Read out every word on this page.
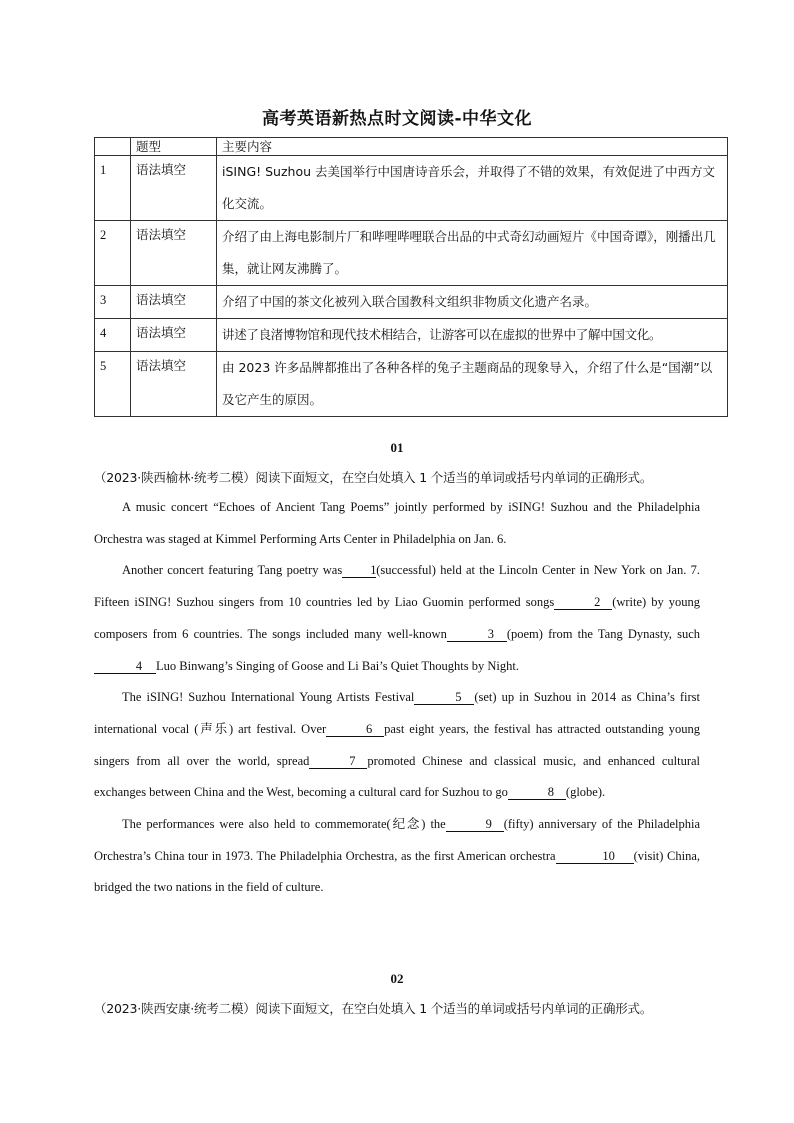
高考英语新热点时文阅读-中华文化
	题型	主要内容
1	语法填空	iSING! Suzhou 去美国举行中国唐诗音乐会，并取得了不错的效果，有效促进了中西方文化交流。
2	语法填空	介绍了由上海电影制片厂和哔哩哔哩联合出品的中式奇幻动画短片《中国奇谭》，刚播出几集，就让网友沸腾了。
3	语法填空	介绍了中国的茶文化被列入联合国教科文组织非物质文化遗产名录。
4	语法填空	讲述了良渚博物馆和现代技术相结合，让游客可以在虚拟的世界中了解中国文化。
5	语法填空	由 2023 许多品牌都推出了各种各样的兔子主题商品的现象导入，介绍了什么是“国潮”以及它产生的原因。
01
（2023·陕西榆林·统考二模）阅读下面短文，在空白处填入 1 个适当的单词或括号内单词的正确形式。

A music concert “Echoes of Ancient Tang Poems” jointly performed by iSING! Suzhou and the Philadelphia Orchestra was staged at Kimmel Performing Arts Center in Philadelphia on Jan. 6.

Another concert featuring Tang poetry was 1(successful) held at the Lincoln Center in New York on Jan. 7. Fifteen iSING! Suzhou singers from 10 countries led by Liao Guomin performed songs	2 (write) by young composers from 6 countries. The songs included many well-known	3 (poem) from the Tang Dynasty, such4 Luo Binwang’s Singing of Goose and Li Bai’s Quiet Thoughts by Night.

The iSING! Suzhou International Young Artists Festival	5 (set) up in Suzhou in 2014 as China’s first international vocal (声乐) art festival. Over	6 past eight years, the festival has attracted outstanding young singers from all over the world, spread	7 promoted Chinese and classical music, and enhanced cultural exchanges between China and the West, becoming a cultural card for Suzhou to go	8 (globe).

The performances were also held to commemorate(纪念) the	9 (fifty) anniversary of the Philadelphia Orchestra’s China tour in 1973. The Philadelphia Orchestra, as the first American orchestra	10 (visit) China, bridged the two nations in the field of culture.

02
（2023·陕西安康·统考二模）阅读下面短文，在空白处填入 1 个适当的单词或括号内单词的正确形式。
